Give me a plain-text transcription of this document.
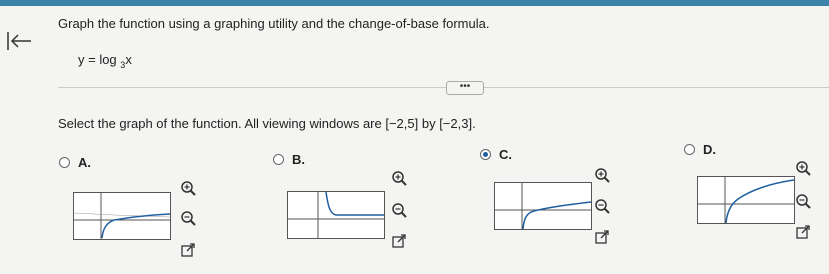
Graph the function using a graphing utility and the change-of-base formula.
y = log $_3$x
•••
Select the graph of the function. All viewing windows are [−2,5] by [−2,3].
A.	B.	C.	D.
